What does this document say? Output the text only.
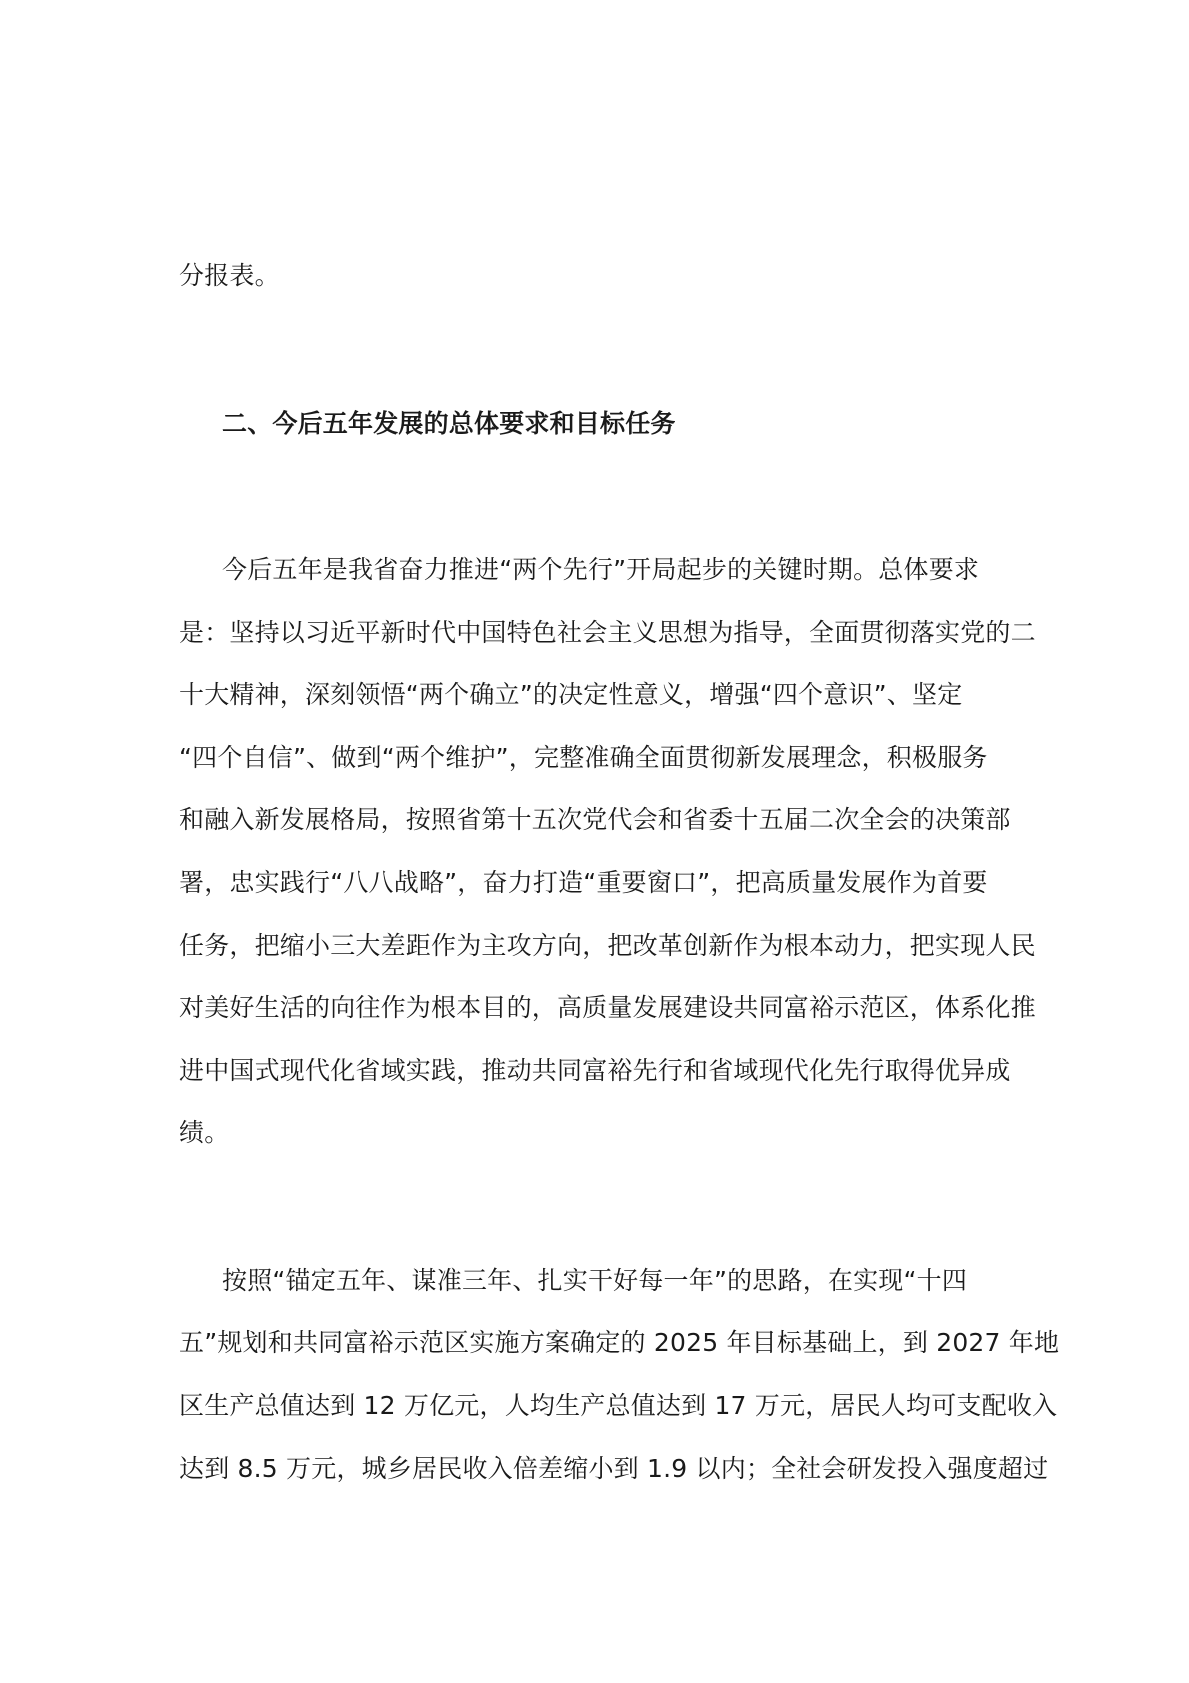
分报表。
二、今后五年发展的总体要求和目标任务
今后五年是我省奋力推进“两个先行”开局起步的关键时期。总体要求
是：坚持以习近平新时代中国特色社会主义思想为指导，全面贯彻落实党的二
十大精神，深刻领悟“两个确立”的决定性意义，增强“四个意识”、坚定
“四个自信”、做到“两个维护”，完整准确全面贯彻新发展理念，积极服务
和融入新发展格局，按照省第十五次党代会和省委十五届二次全会的决策部
署，忠实践行“八八战略”，奋力打造“重要窗口”，把高质量发展作为首要
任务，把缩小三大差距作为主攻方向，把改革创新作为根本动力，把实现人民
对美好生活的向往作为根本目的，高质量发展建设共同富裕示范区，体系化推
进中国式现代化省域实践，推动共同富裕先行和省域现代化先行取得优异成
绩。
按照“锚定五年、谋准三年、扎实干好每一年”的思路，在实现“十四
五”规划和共同富裕示范区实施方案确定的 2025 年目标基础上，到 2027 年地
区生产总值达到 12 万亿元，人均生产总值达到 17 万元，居民人均可支配收入
达到 8.5 万元，城乡居民收入倍差缩小到 1.9 以内；全社会研发投入强度超过
